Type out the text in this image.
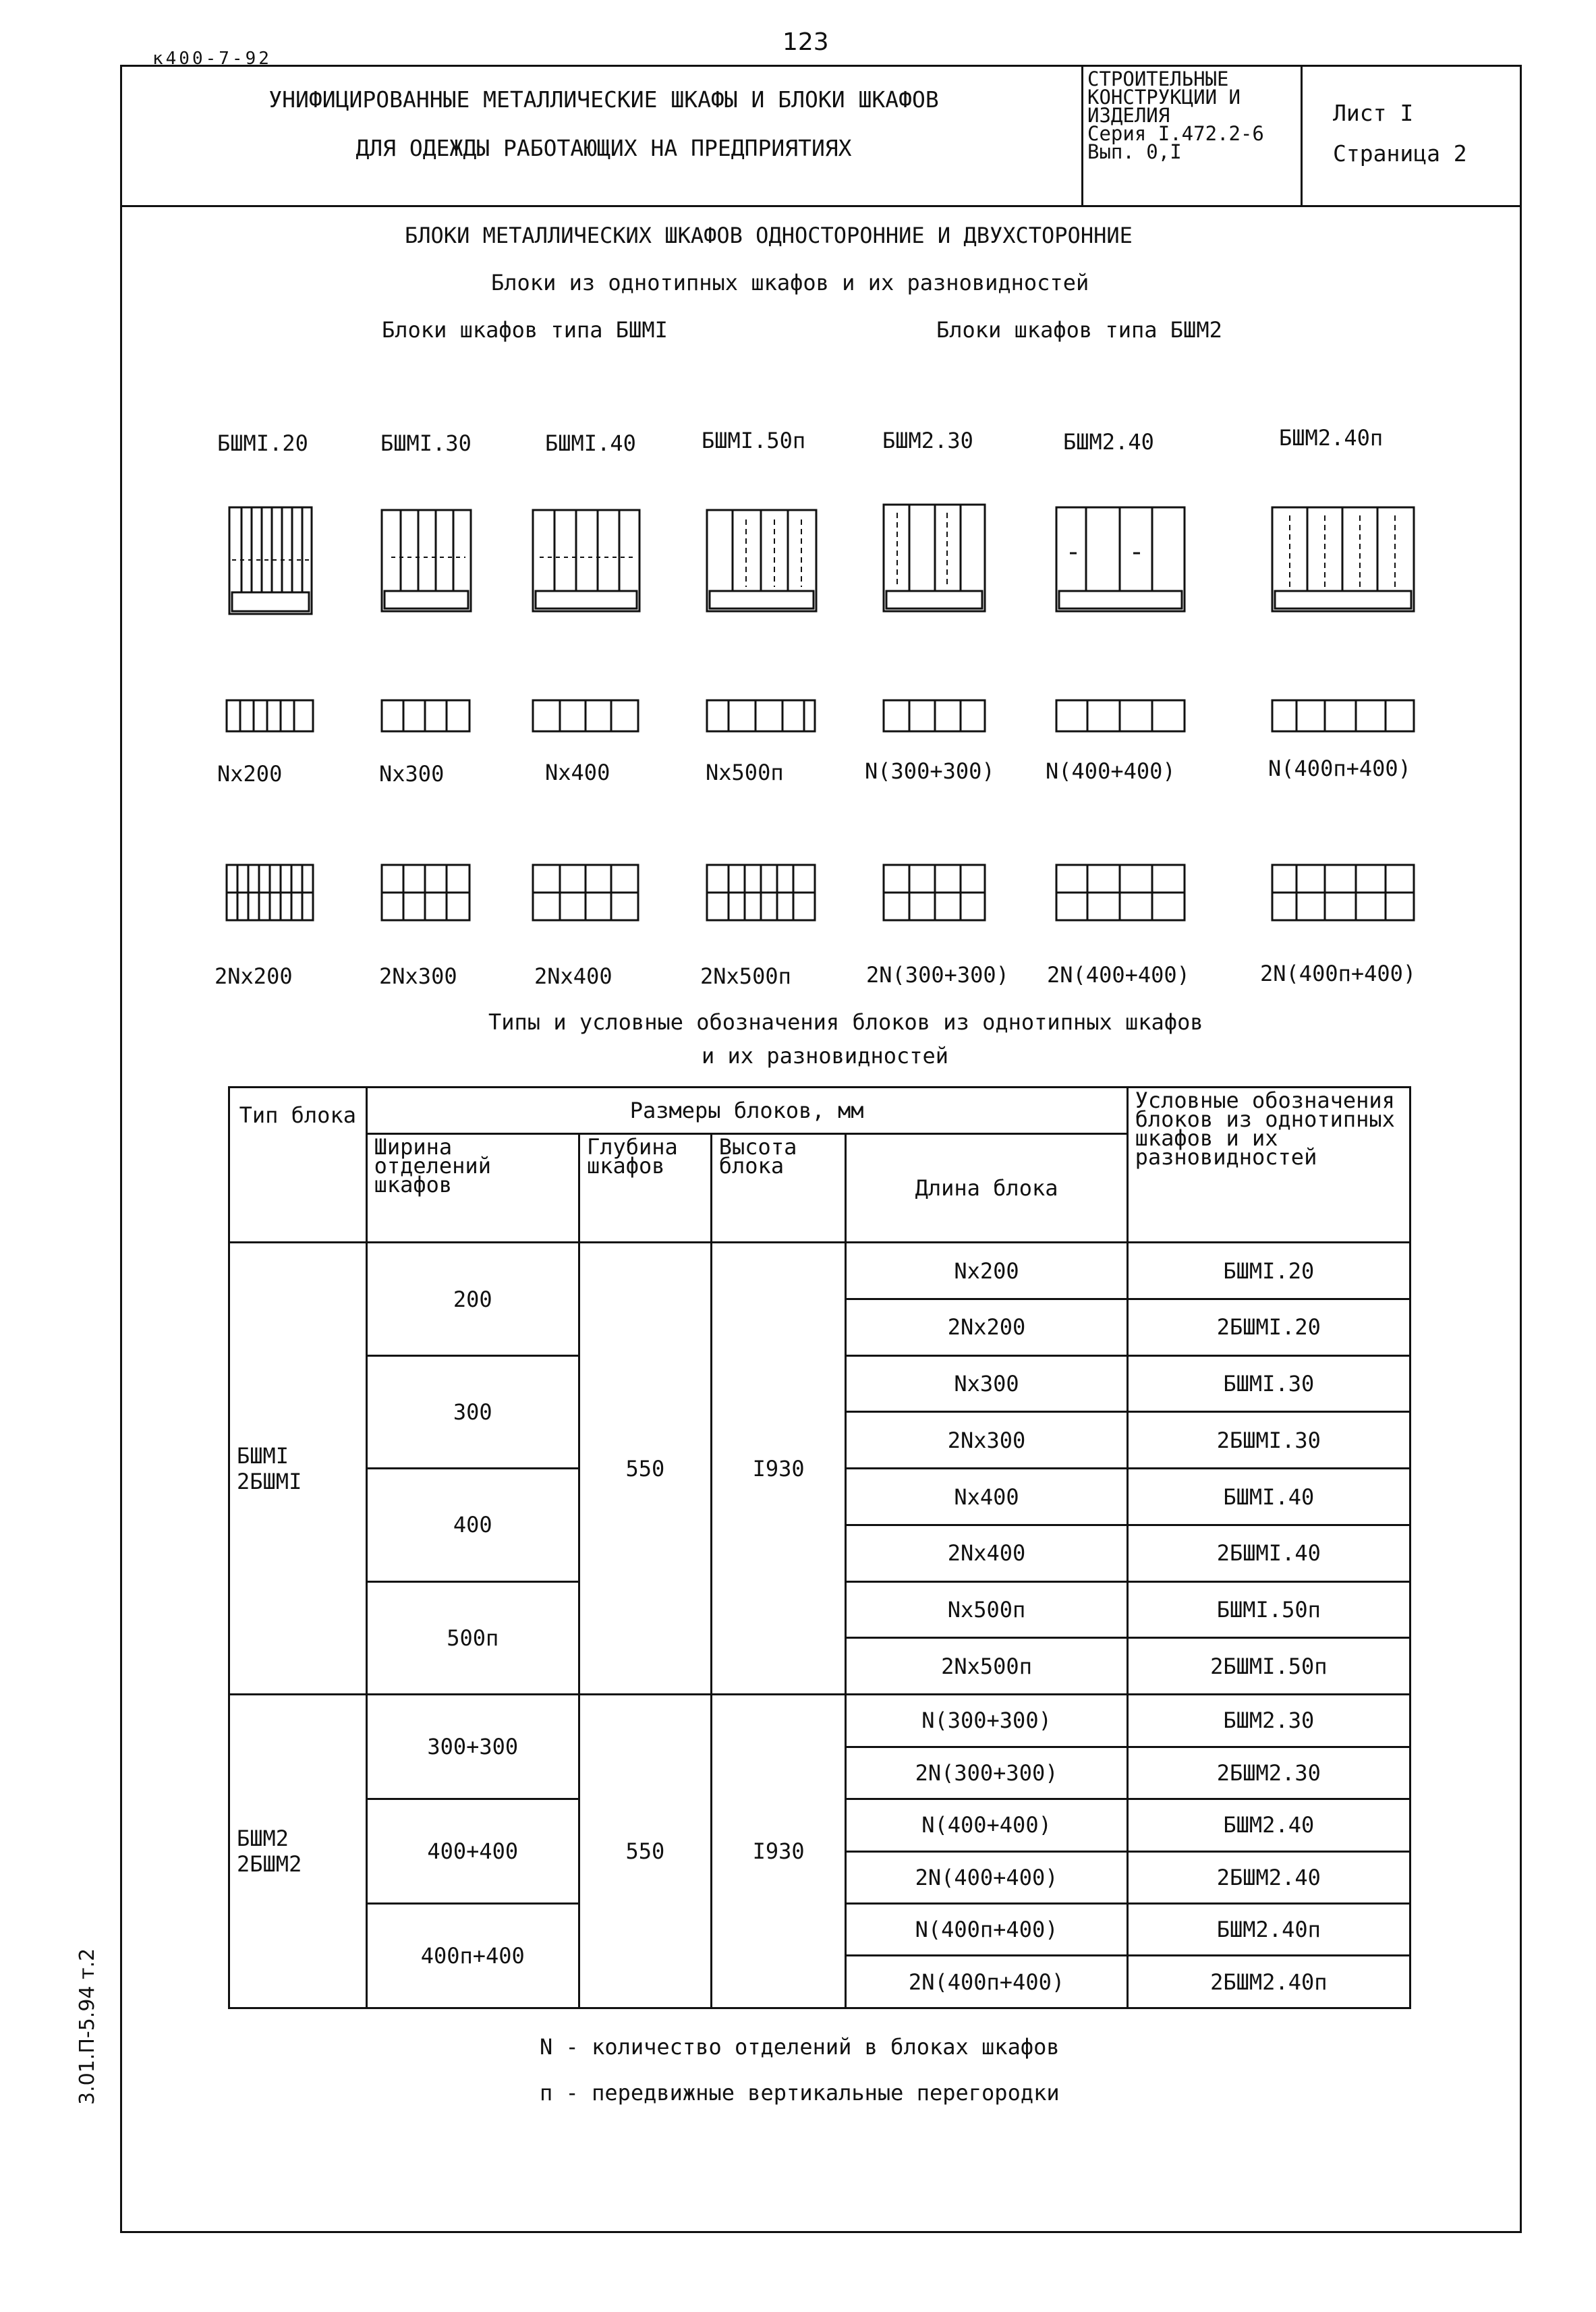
123
к400-7-92
3.01.П-5.94 т.2
УНИФИЦИРОВАННЫЕ МЕТАЛЛИЧЕСКИЕ ШКАФЫ И БЛОКИ ШКАФОВ
ДЛЯ ОДЕЖДЫ РАБОТАЮЩИХ НА ПРЕДПРИЯТИЯХ
СТРОИТЕЛЬНЫЕ
КОНСТРУКЦИИ И
ИЗДЕЛИЯ
Серия I.472.2-6
Вып. 0,I
Лист I
Страница 2
БЛОКИ МЕТАЛЛИЧЕСКИХ ШКАФОВ ОДНОСТОРОННИЕ И ДВУХСТОРОННИЕ
Блоки из однотипных шкафов и их разновидностей
Блоки шкафов типа БШМI	Блоки шкафов типа БШМ2
БШМI.20	БШМI.30	БШМI.40	БШМI.50п	БШМ2.30	БШМ2.40	БШМ2.40п
Nx200	Nx300	Nx400	Nx500п	N(300+300) N(400+400)	N(400п+400)
2Nx200	2Nx300	2Nx400	2Nx500п	2N(300+300) 2N(400+400)	2N(400п+400)
Типы и условные обозначения блоков из однотипных шкафов
и их разновидностей
Тип блока	Размеры блоков, мм				Условные обозначения блоков из однотипных шкафов и их разновидностей
	Ширина отделений шкафов	Глубина шкафов	Высота блока	Длина блока	
БШМI 2БШМI	200	550	I930	Nx200	БШМI.20
				2Nx200	2БШМI.20
	300			Nx300	БШМI.30
				2Nx300	2БШМI.30
	400			Nx400	БШМI.40
				2Nx400	2БШМI.40
	500п			Nx500п	БШМI.50п
				2Nx500п	2БШМI.50п
БШМ2 2БШМ2	300+300	550	I930	N(300+300)	БШМ2.30
				2N(300+300)	2БШМ2.30
	400+400			N(400+400)	БШМ2.40
				2N(400+400)	2БШМ2.40
	400п+400			N(400п+400)	БШМ2.40п
				2N(400п+400)	2БШМ2.40п
N - количество отделений в блоках шкафов
п - передвижные вертикальные перегородки
